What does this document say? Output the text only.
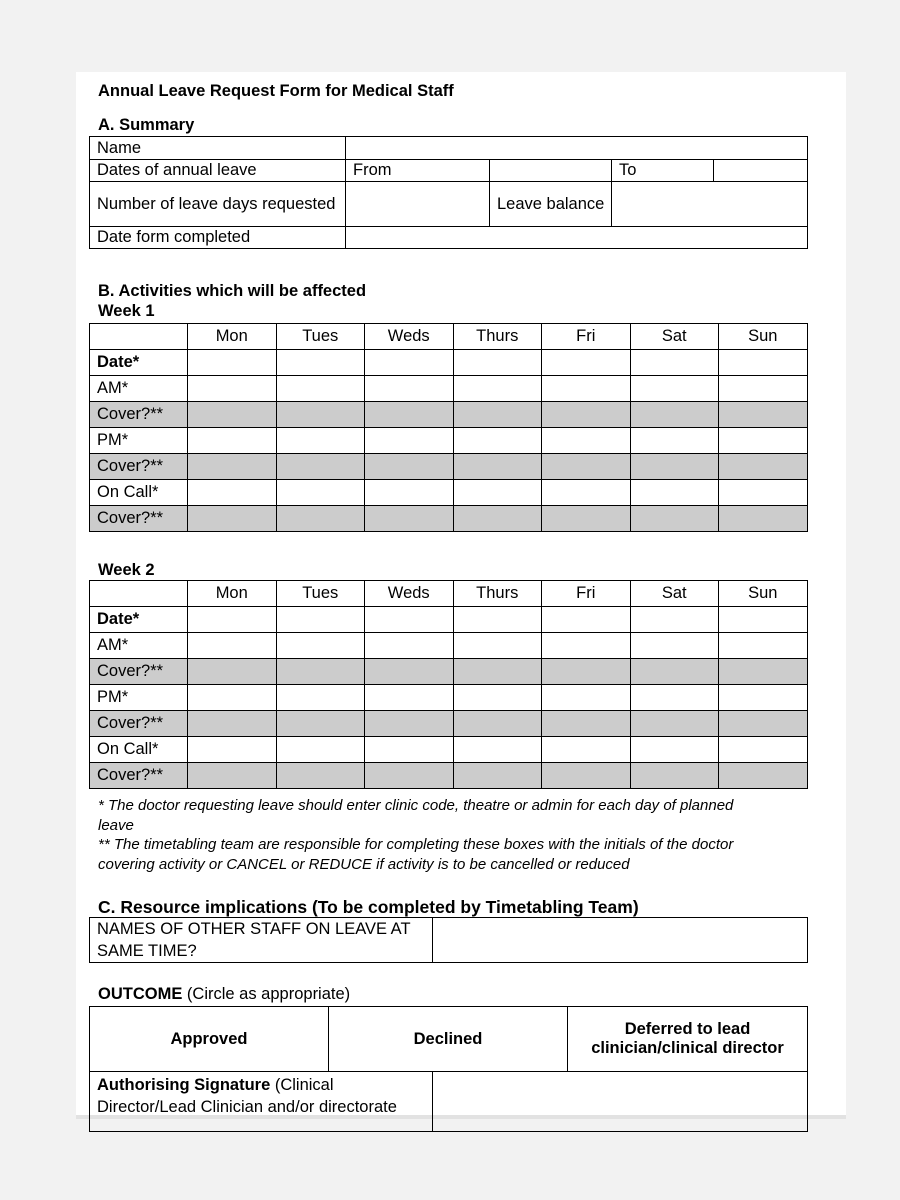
Annual Leave Request Form for Medical Staff
A. Summary
Name				
Dates of annual leave	From		To	
Number of leave days requested		Leave balance		
Date form completed				
B. Activities which will be affected
Week 1
	Mon	Tues	Weds	Thurs	Fri	Sat	Sun
Date*							
AM*							
Cover?**							
PM*							
Cover?**							
On Call*							
Cover?**							
Week 2
	Mon	Tues	Weds	Thurs	Fri	Sat	Sun
Date*							
AM*							
Cover?**							
PM*							
Cover?**							
On Call*							
Cover?**							
* The doctor requesting leave should enter clinic code, theatre or admin for each day of planned leave
** The timetabling team are responsible for completing these boxes with the initials of the doctor covering activity or CANCEL or REDUCE if activity is to be cancelled or reduced
C. Resource implications (To be completed by Timetabling Team)
NAMES OF OTHER STAFF ON LEAVE AT SAME TIME?	
OUTCOME (Circle as appropriate)
Approved	Declined	Deferred to lead clinician/clinical director
Authorising Signature (Clinical Director/Lead Clinician and/or directorate	
